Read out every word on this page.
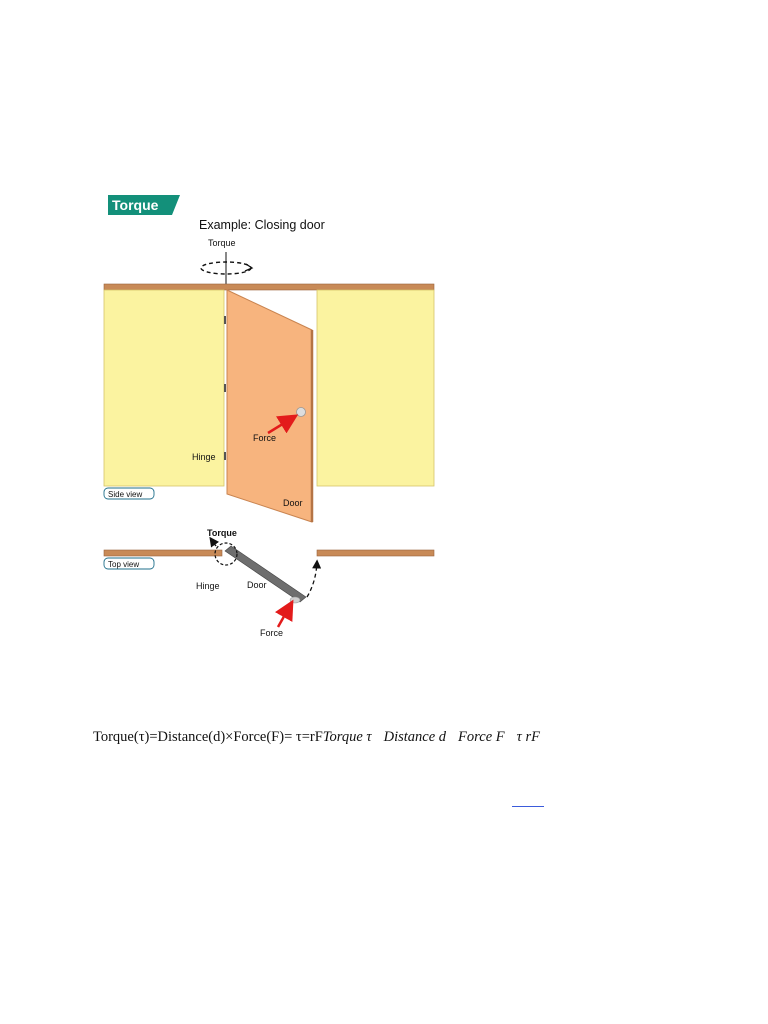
Torque
Example: Closing door
Torque
Force
Hinge
Door
Side view
Top view
Torque
Hinge	Door
Force
Torque(τ)=Distance(d)×Force(F)= τ=rFTorque τ Distance d Force F τ rF
